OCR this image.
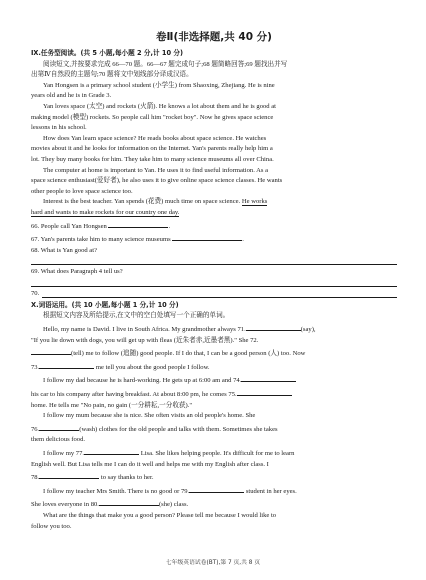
卷Ⅱ(非选择题,共 40 分)
Ⅸ.任务型阅读。(共 5 小题,每小题 2 分,计 10 分)

阅读短文,并按要求完成 66—70 题。66—67 题完成句子;68 题简略回答;69 题找出并写

出第Ⅳ自然段的主题句;70 题将文中划线部分译成汉语。

Yan Hongsen is a primary school student (小学生) from Shaoxing, Zhejiang. He is nine

years old and he is in Grade 3.

Yan loves space (太空) and rockets (火箭). He knows a lot about them and he is good at

making model (模型) rockets. So people call him "rocket boy". Now he gives space science

lessons in his school.

How does Yan learn space science? He reads books about space science. He watches

movies about it and he looks for information on the Internet. Yan's parents really help him a

lot. They buy many books for him. They take him to many science museums all over China.

The computer at home is important to Yan. He uses it to find useful information. As a

space science enthusiast(爱好者), he also uses it to give online space science classes. He wants

other people to love space science too.

Interest is the best teacher. Yan spends (花费) much time on space science. He works

hard and wants to make rockets for our country one day.

66. People call Yan Hongsen	.

67. Yan's parents take him to many science museums	.

68. What is Yan good at?

69. What does Paragraph 4 tell us?

70.
Ⅹ.词语运用。(共 10 小题,每小题 1 分,计 10 分)

根据短文内容及所给提示,在文中的空白处填写一个正确的单词。

Hello, my name is David. I live in South Africa. My grandmother always 71.	(say),

"If you lie down with dogs, you will get up with fleas (近朱者赤,近墨者黑)." She 72.

(tell) me to follow (追随) good people. If I do that, I can be a good person (人) too. Now

73.	me tell you about the good people I follow.

I follow my dad because he is hard-working. He gets up at 6:00 am and 74.

his car to his company after having breakfast. At about 8:00 pm, he comes 75.

home. He tells me "No pain, no gain (一分耕耘,一分收获)."

I follow my mum because she is nice. She often visits an old people's home. She

76.	(wash) clothes for the old people and talks with them. Sometimes she takes

them delicious food.

I follow my 77.	Lisa. She likes helping people. It's difficult for me to learn

English well. But Lisa tells me I can do it well and helps me with my English after class. I

78.	to say thanks to her.

I follow my teacher Mrs Smith. There is no good or 79.	student in her eyes.

She loves everyone in 80.	(she) class.

What are the things that make you a good person? Please tell me because I would like to

follow you too.

七年级英语试卷(BT),第 7 页,共 8 页
